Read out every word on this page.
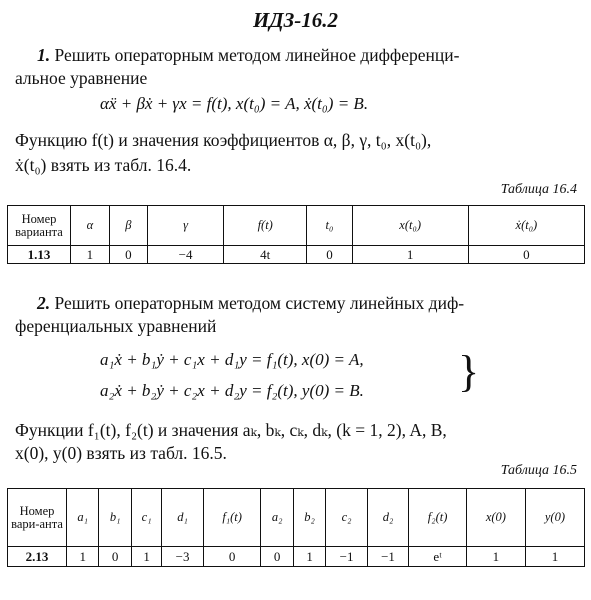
ИДЗ-16.2
1. Решить операторным методом линейное дифференци-
альное уравнение
αẍ + βẋ + γx = f(t), x(t₀) = A, ẋ(t₀) = B.
Функцию f(t) и значения коэффициентов α, β, γ, t₀, x(t₀),
ẋ(t₀) взять из табл. 16.4.
Таблица 16.4
Номер варианта	α	β	γ	f(t)	t₀	x(t₀)	ẋ(t₀)
1.13	1	0	−4	4t	0	1	0
2. Решить операторным методом систему линейных диф-
ференциальных уравнений
a₁ẋ + b₁ẏ + c₁x + d₁y = f₁(t), x(0) = A,
a₂ẋ + b₂ẏ + c₂x + d₂y = f₂(t), y(0) = B. }
Функции f₁(t), f₂(t) и значения aₖ, bₖ, cₖ, dₖ, (k = 1, 2), A, B,
x(0), y(0) взять из табл. 16.5.
Таблица 16.5
Номер вари-анта	a₁	b₁	c₁	d₁	f₁(t)	a₂	b₂	c₂	d₂	f₂(t)	x(0)	y(0)
2.13	1	0	1	−3	0	0	1	−1	−1	eᵗ	1	1
